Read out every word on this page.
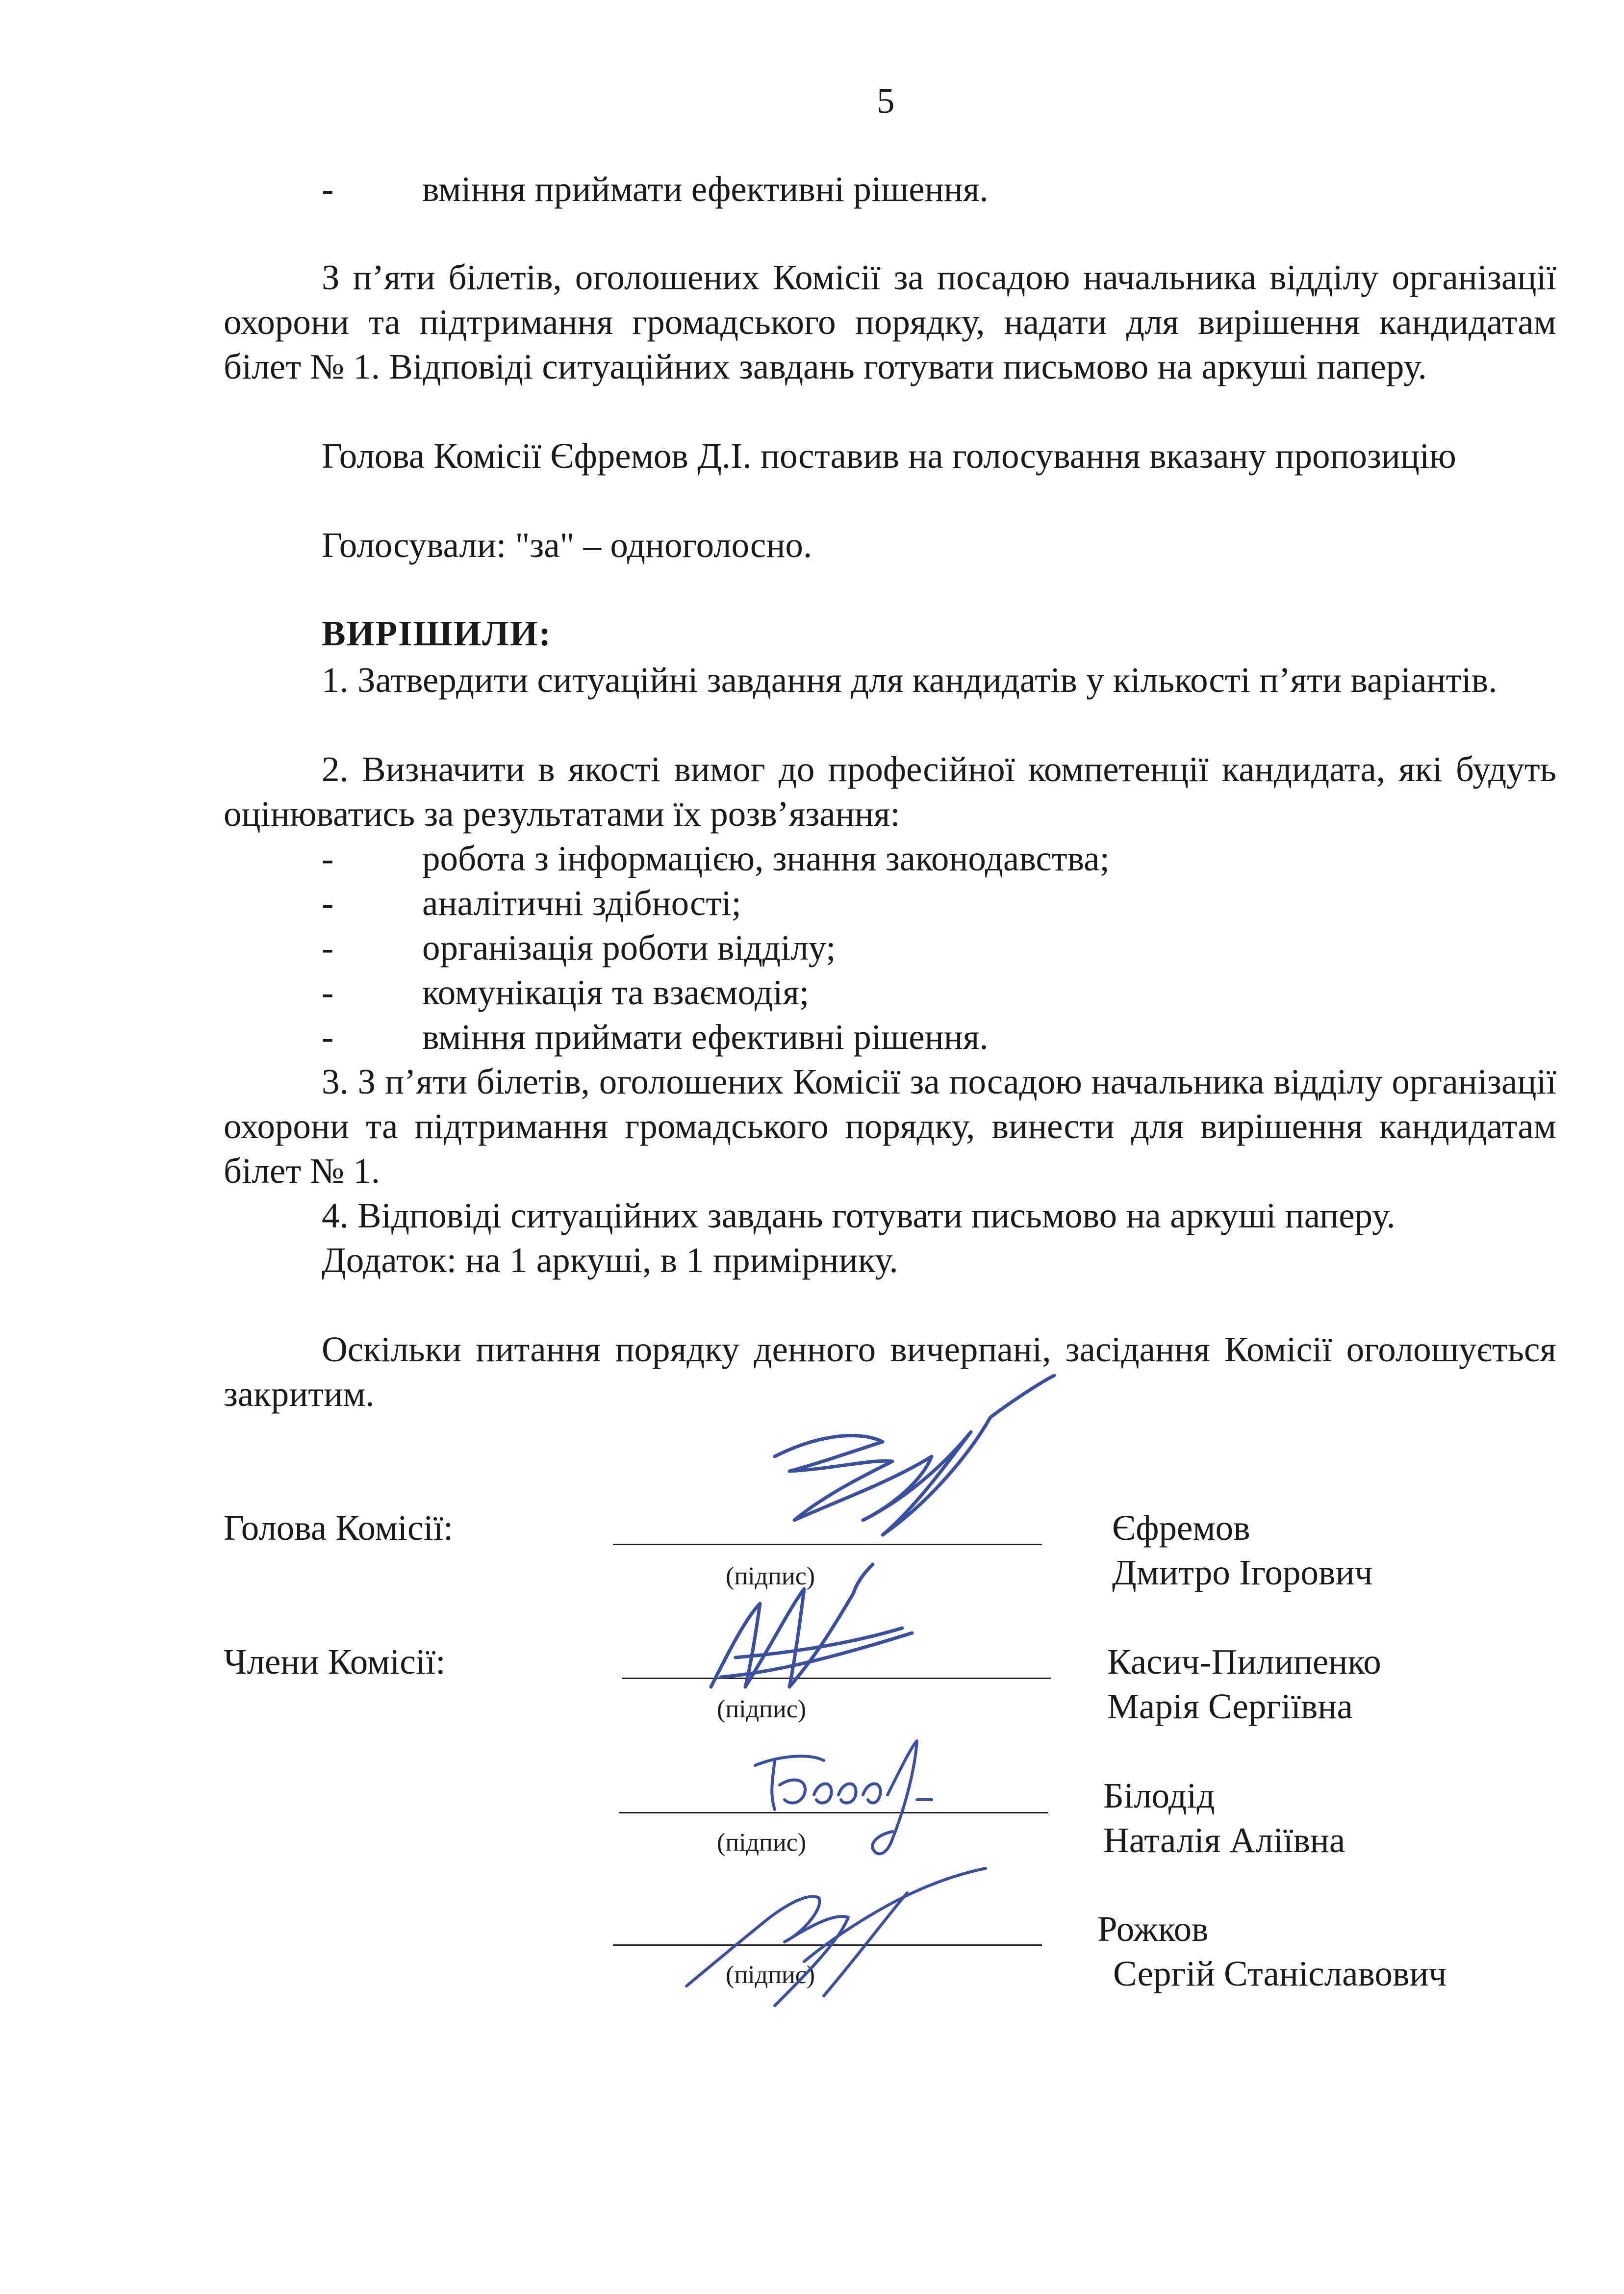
5
- вміння приймати ефективні рішення.

З п’яти білетів, оголошених Комісії за посадою начальника відділу організації охорони та підтримання громадського порядку, надати для вирішення кандидатам білет № 1. Відповіді ситуаційних завдань готувати письмово на аркуші паперу.

Голова Комісії Єфремов Д.І. поставив на голосування вказану пропозицію

Голосували: "за" – одноголосно.

ВИРІШИЛИ:

1. Затвердити ситуаційні завдання для кандидатів у кількості п’яти варіантів.

2. Визначити в якості вимог до професійної компетенції кандидата, які будуть оцінюватись за результатами їх розв’язання:

- робота з інформацією, знання законодавства;
- аналітичні здібності;
- організація роботи відділу;
- комунікація та взаємодія;
- вміння приймати ефективні рішення.

3. З п’яти білетів, оголошених Комісії за посадою начальника відділу організації охорони та підтримання громадського порядку, винести для вирішення кандидатам білет № 1.

4. Відповіді ситуаційних завдань готувати письмово на аркуші паперу.

Додаток: на 1 аркуші, в 1 примірнику.

Оскільки питання порядку денного вичерпані, засідання Комісії оголошується закритим.

Голова Комісії:
(підпис)
Єфремов
Дмитро Ігорович
Члени Комісії:
(підпис)
Касич-Пилипенко
Марія Сергіївна
(підпис)
Білодід
Наталія Аліївна
(підпис)
Рожков
Сергій Станіславович
